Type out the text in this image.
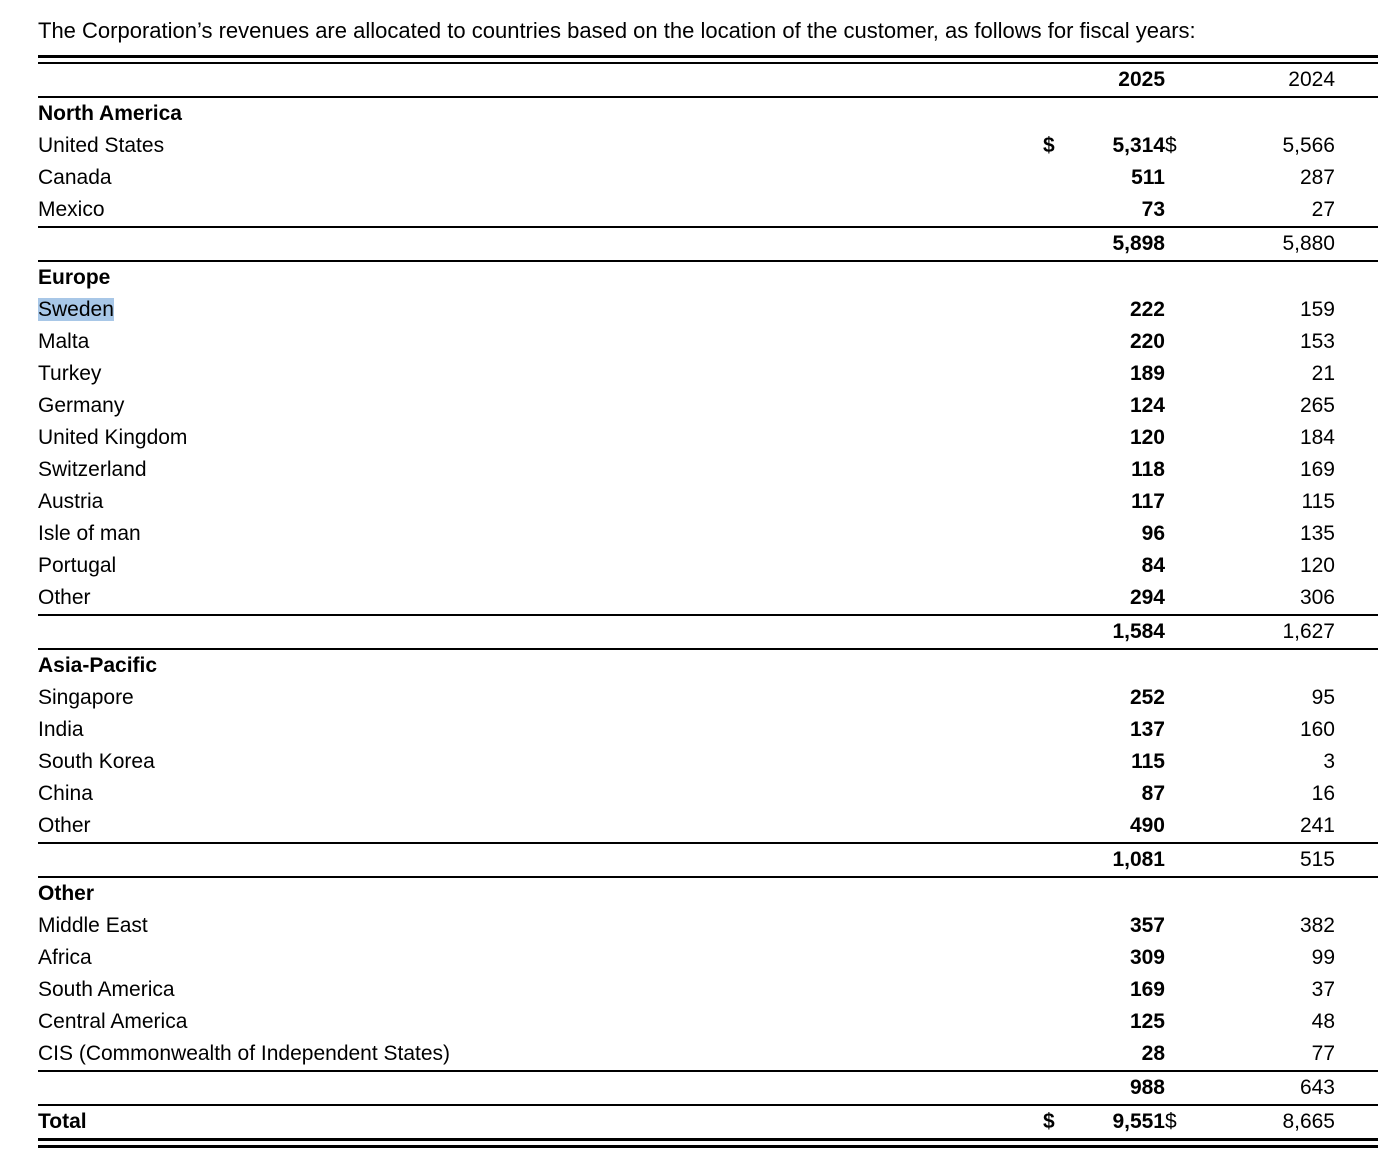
The Corporation’s revenues are allocated to countries based on the location of the customer, as follows for fiscal years:
		2025		2024	
North America					
United States	$	5,314	$	5,566	
Canada		511		287	
Mexico		73		27	
		5,898		5,880	
Europe					
Sweden		222		159	
Malta		220		153	
Turkey		189		21	
Germany		124		265	
United Kingdom		120		184	
Switzerland		118		169	
Austria		117		115	
Isle of man		96		135	
Portugal		84		120	
Other		294		306	
		1,584		1,627	
Asia-Pacific					
Singapore		252		95	
India		137		160	
South Korea		115		3	
China		87		16	
Other		490		241	
		1,081		515	
Other					
Middle East		357		382	
Africa		309		99	
South America		169		37	
Central America		125		48	
CIS (Commonwealth of Independent States)		28		77	
		988		643	
Total	$	9,551	$	8,665	
